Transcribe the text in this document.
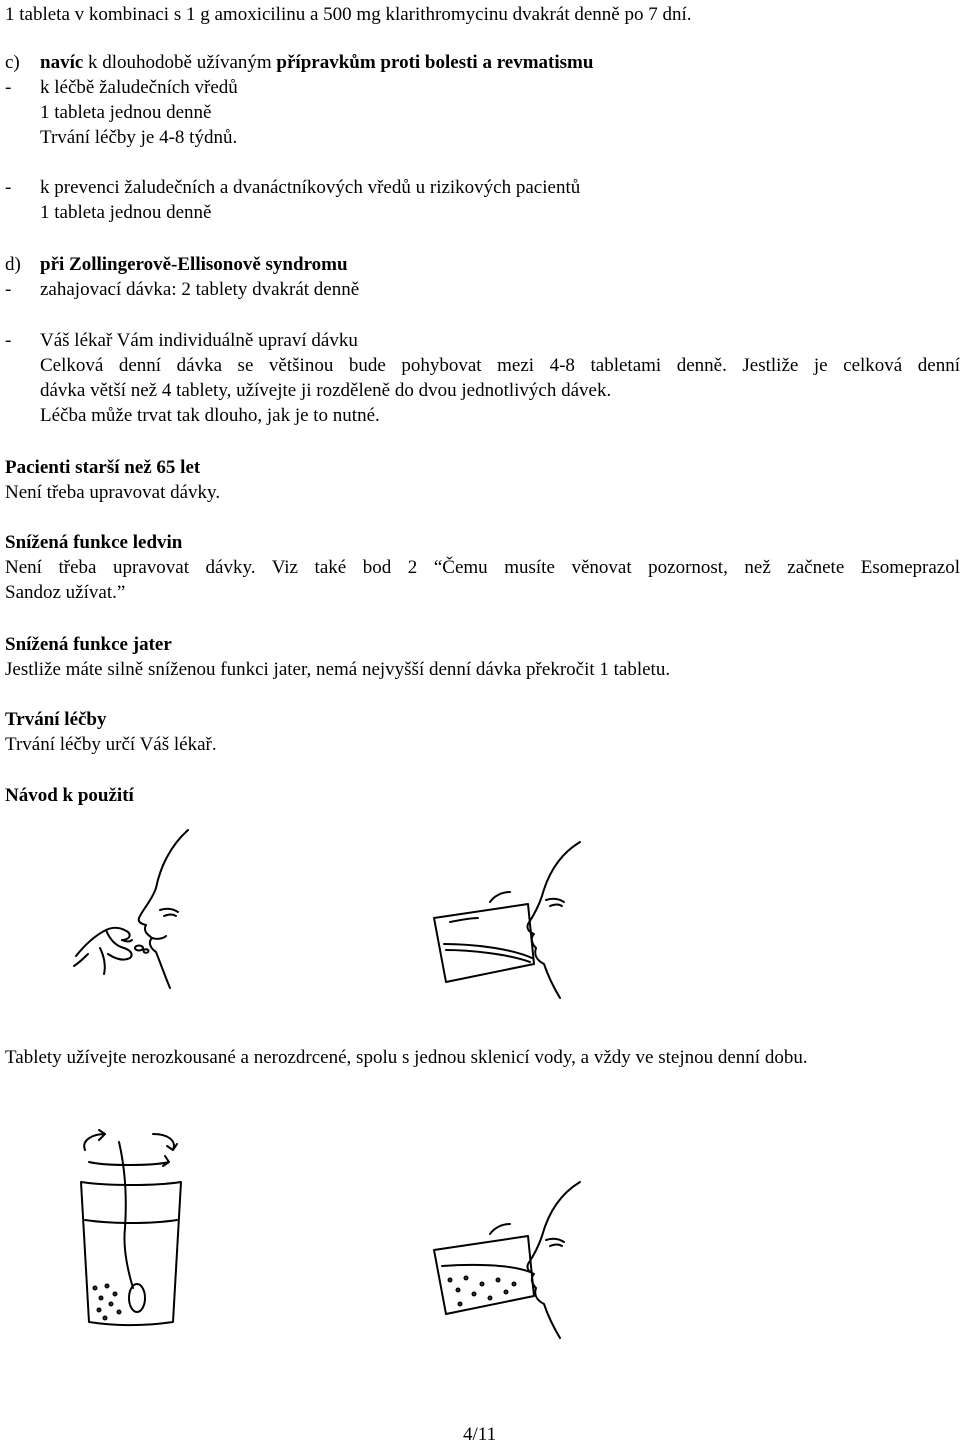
1 tableta v kombinaci s 1 g amoxicilinu a 500 mg klarithromycinu dvakrát denně po 7 dní.
c) navíc k dlouhodobě užívaným přípravkům proti bolesti a revmatismu
- k léčbě žaludečních vředů
1 tableta jednou denně
Trvání léčby je 4-8 týdnů.
- k prevenci žaludečních a dvanáctníkových vředů u rizikových pacientů
1 tableta jednou denně
d) při Zollingerově-Ellisonově syndromu
- zahajovací dávka: 2 tablety dvakrát denně
- Váš lékař Vám individuálně upraví dávku
Celková denní dávka se většinou bude pohybovat mezi 4-8 tabletami denně. Jestliže je celková denní
dávka větší než 4 tablety, užívejte ji rozděleně do dvou jednotlivých dávek.
Léčba může trvat tak dlouho, jak je to nutné.
Pacienti starší než 65 let
Není třeba upravovat dávky.
Snížená funkce ledvin
Není třeba upravovat dávky. Viz také bod 2 “Čemu musíte věnovat pozornost, než začnete Esomeprazol
Sandoz užívat.”
Snížená funkce jater
Jestliže máte silně sníženou funkci jater, nemá nejvyšší denní dávka překročit 1 tabletu.
Trvání léčby
Trvání léčby určí Váš lékař.
Návod k použití
Tablety užívejte nerozkousané a nerozdrcené, spolu s jednou sklenicí vody, a vždy ve stejnou denní dobu.
4/11
